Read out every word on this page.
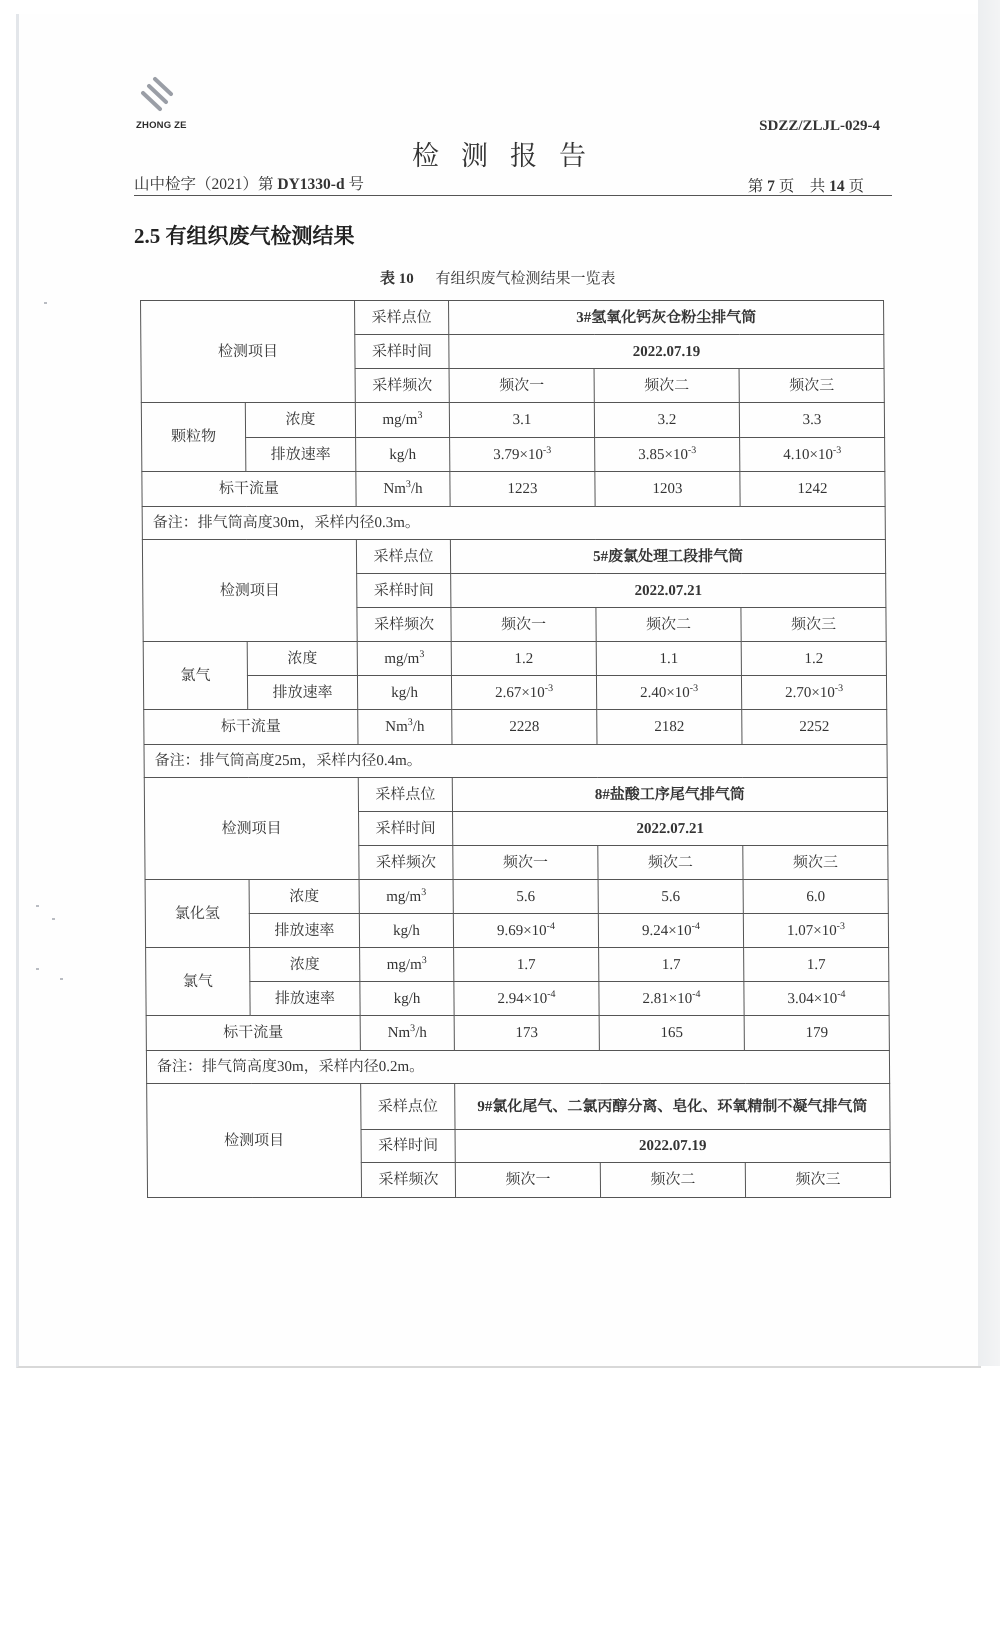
ZHONG ZE	SDZZ/ZLJL-029-4
检测报告
山中检字（2021）第 DY1330-d 号	第 7 页　共 14 页
2.5 有组织废气检测结果
表 10 有组织废气检测结果一览表
检测项目		采样点位	3#氢氧化钙灰仓粉尘排气筒		
		采样时间	2022.07.19		
		采样频次	频次一	频次二	频次三
颗粒物	浓度	$mg/m^3$	3.1	3.2	3.3
	排放速率	kg/h	$3.79\times 10^{-3}$	$3.85\times 10^{-3}$	$4.10\times 10^{-3}$
标干流量		Nm$^3$/h	1223	1203	1242
备注：排气筒高度30m，采样内径0.3m。					
检测项目		采样点位	5#废氯处理工段排气筒		
		采样时间	2022.07.21		
		采样频次	频次一	频次二	频次三
氯气	浓度	$mg/m^3$	1.2	1.1	1.2
	排放速率	kg/h	$2.67\times 10^{-3}$	$2.40\times 10^{-3}$	$2.70\times 10^{-3}$
标干流量		Nm$^3$/h	2228	2182	2252
备注：排气筒高度25m，采样内径0.4m。					
检测项目		采样点位	8#盐酸工序尾气排气筒		
		采样时间	2022.07.21		
		采样频次	频次一	频次二	频次三
氯化氢	浓度	$mg/m^3$	5.6	5.6	6.0
	排放速率	kg/h	$9.69\times 10^{-4}$	$9.24\times 10^{-4}$	$1.07\times 10^{-3}$
氯气	浓度	$mg/m^3$	1.7	1.7	1.7
	排放速率	kg/h	$2.94\times 10^{-4}$	$2.81\times 10^{-4}$	$3.04\times 10^{-4}$
标干流量		Nm$^3$/h	173	165	179
备注：排气筒高度30m，采样内径0.2m。					
检测项目		采样点位	9#氯化尾气、二氯丙醇分离、皂化、环氧精制不凝气排气筒		
		采样时间	2022.07.19		
		采样频次	频次一	频次二	频次三
